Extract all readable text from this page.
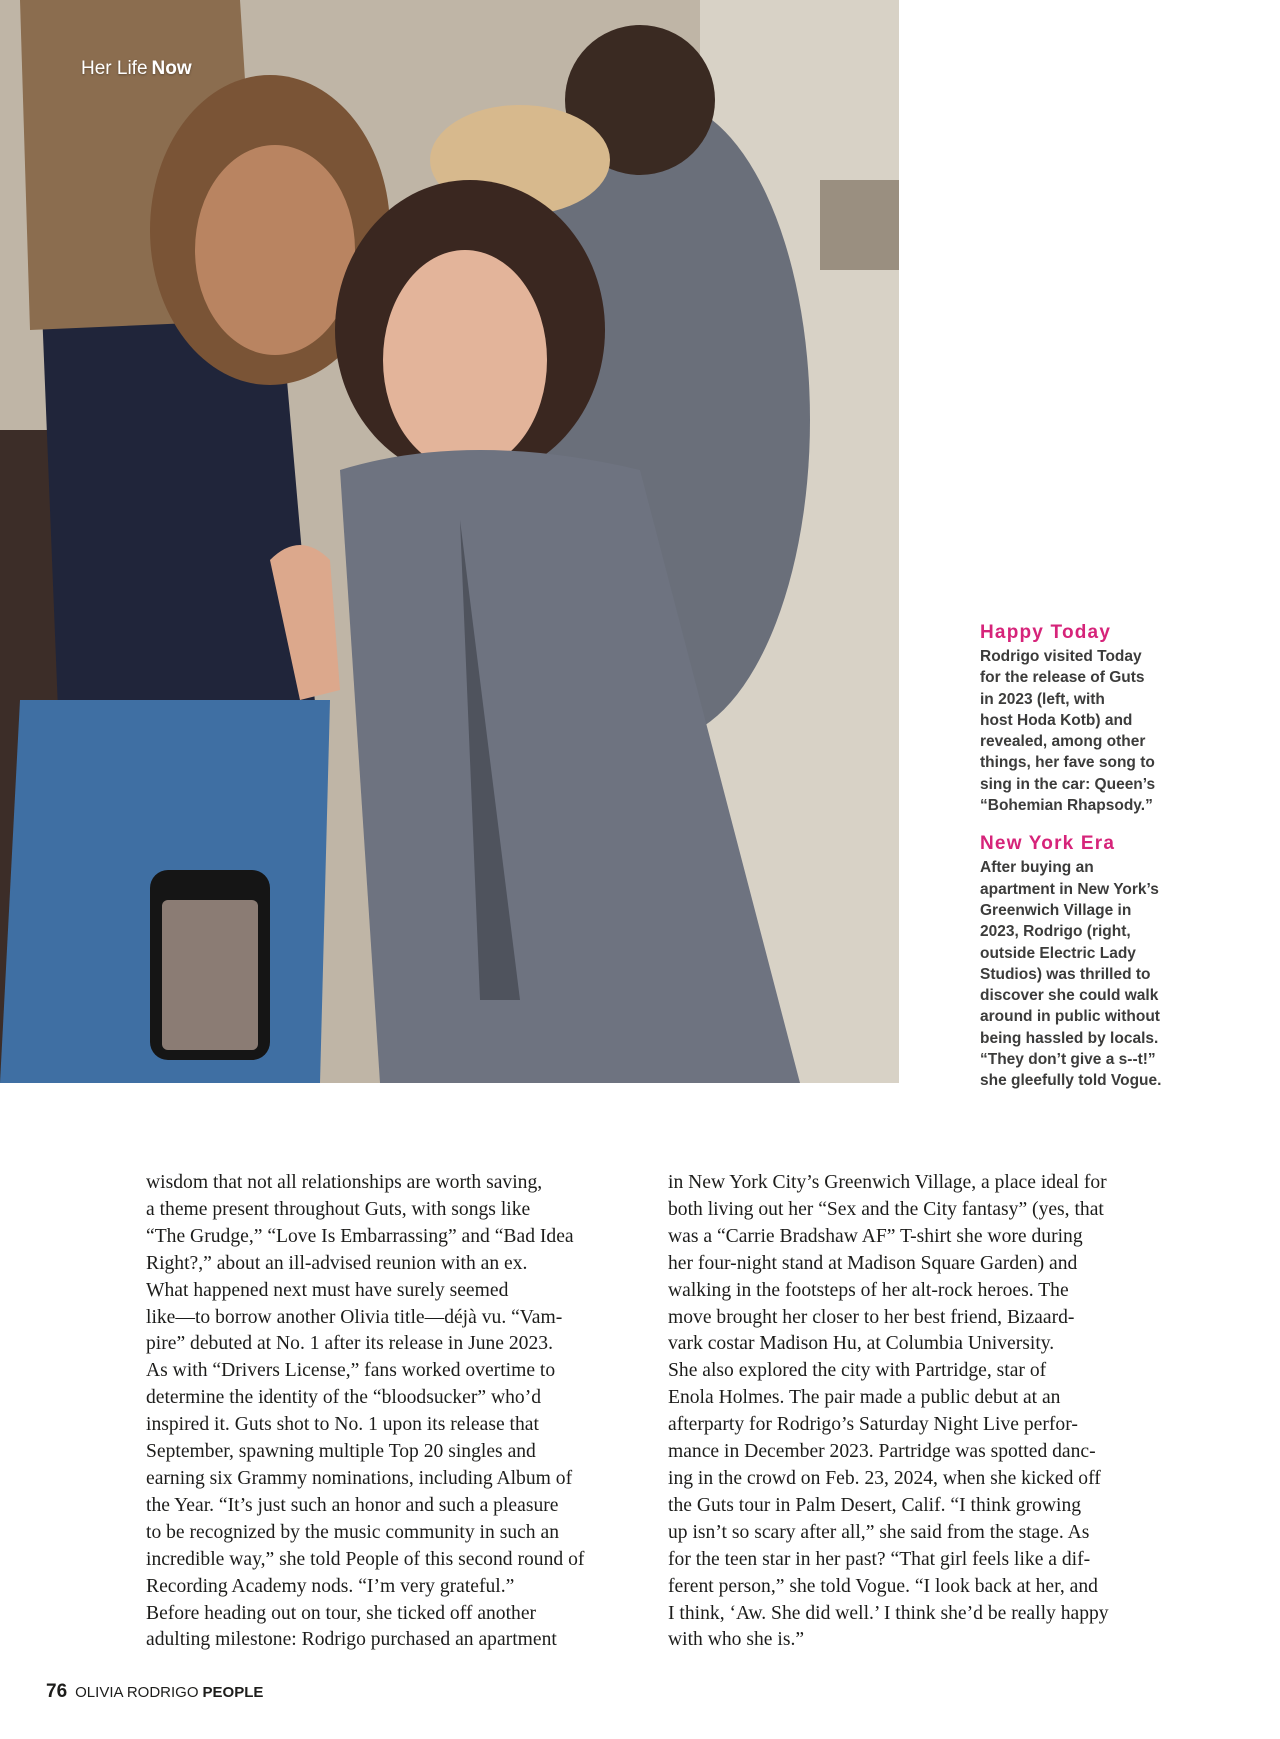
Her Life Now

Happy Today

Rodrigo visited Today
for the release of Guts
in 2023 (left, with
host Hoda Kotb) and
revealed, among other
things, her fave song to
sing in the car: Queen’s
“Bohemian Rhapsody.”

New York Era

After buying an
apartment in New York’s
Greenwich Village in
2023, Rodrigo (right,
outside Electric Lady
Studios) was thrilled to
discover she could walk
around in public without
being hassled by locals.
“They don’t give a s--t!”
she gleefully told Vogue.

wisdom that not all relationships are worth saving,
a theme present throughout Guts, with songs like
“The Grudge,” “Love Is Embarrassing” and “Bad Idea
Right?,” about an ill-advised reunion with an ex.
What happened next must have surely seemed
like—to borrow another Olivia title—déjà vu. “Vam-
pire” debuted at No. 1 after its release in June 2023.
As with “Drivers License,” fans worked overtime to
determine the identity of the “bloodsucker” who’d
inspired it. Guts shot to No. 1 upon its release that
September, spawning multiple Top 20 singles and
earning six Grammy nominations, including Album of
the Year. “It’s just such an honor and such a pleasure
to be recognized by the music community in such an
incredible way,” she told People of this second round of
Recording Academy nods. “I’m very grateful.”
Before heading out on tour, she ticked off another
adulting milestone: Rodrigo purchased an apartment
in New York City’s Greenwich Village, a place ideal for
both living out her “Sex and the City fantasy” (yes, that
was a “Carrie Bradshaw AF” T-shirt she wore during
her four-night stand at Madison Square Garden) and
walking in the footsteps of her alt-rock heroes. The
move brought her closer to her best friend, Bizaard-
vark costar Madison Hu, at Columbia University.
She also explored the city with Partridge, star of
Enola Holmes. The pair made a public debut at an
afterparty for Rodrigo’s Saturday Night Live perfor-
mance in December 2023. Partridge was spotted danc-
ing in the crowd on Feb. 23, 2024, when she kicked off
the Guts tour in Palm Desert, Calif. “I think growing
up isn’t so scary after all,” she said from the stage. As
for the teen star in her past? “That girl feels like a dif-
ferent person,” she told Vogue. “I look back at her, and
I think, ‘Aw. She did well.’ I think she’d be really happy
with who she is.”
76 OLIVIA RODRIGO PEOPLE
